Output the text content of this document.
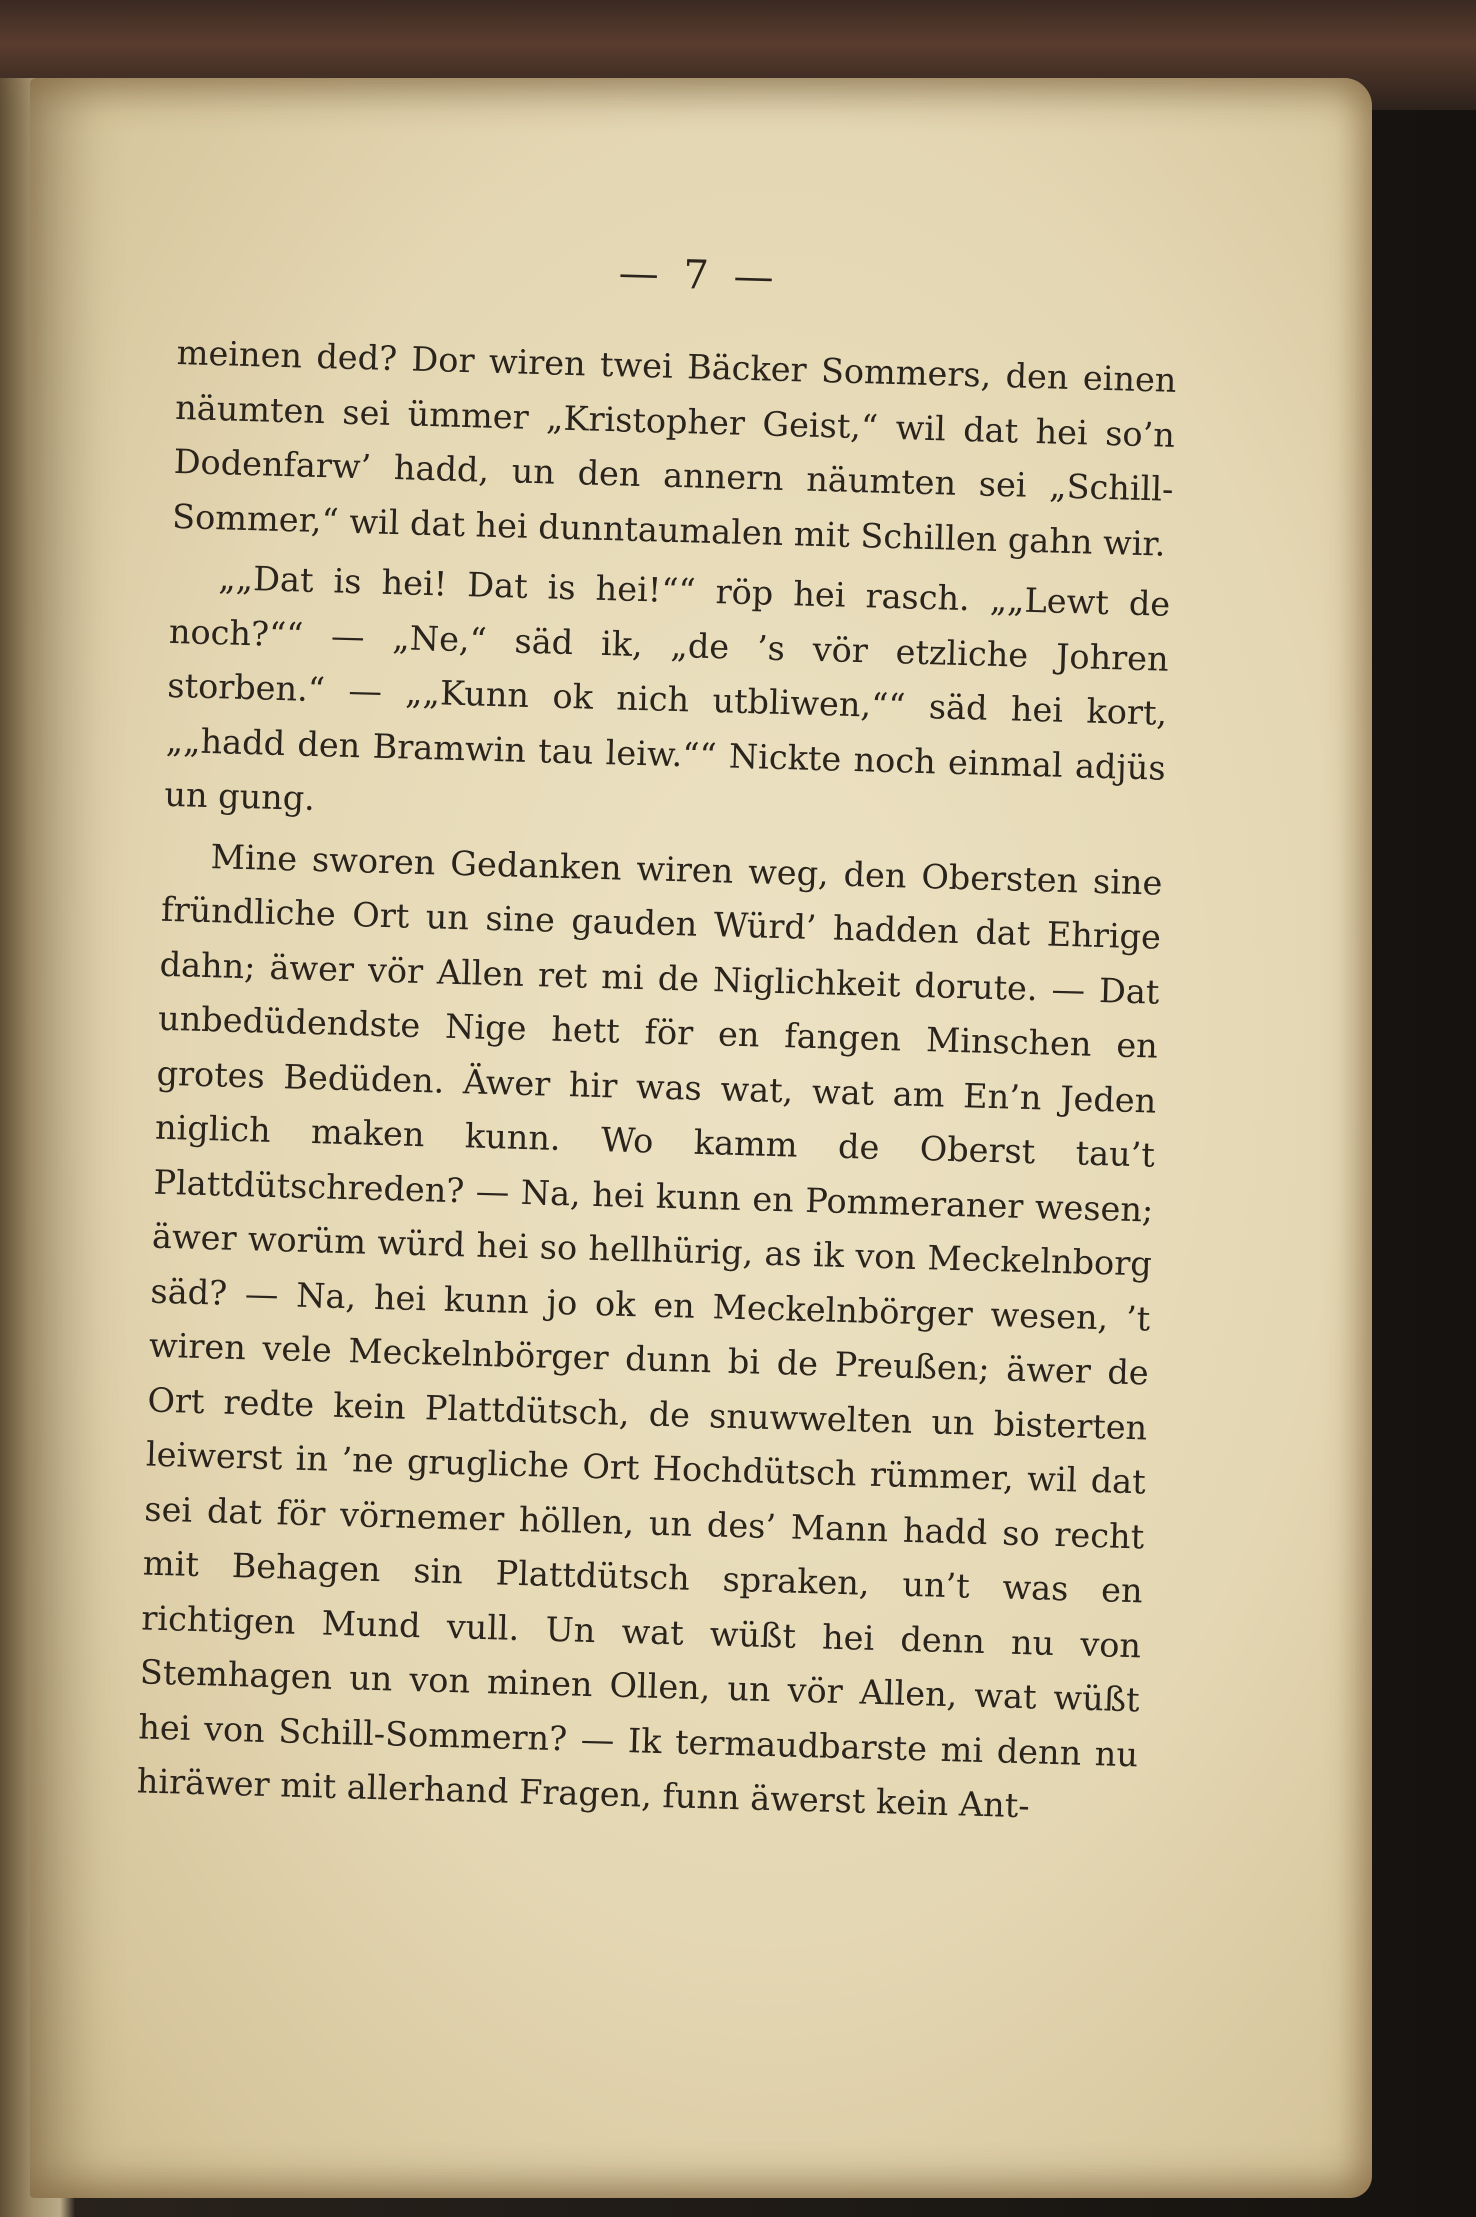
— 7 —

meinen ded? Dor wiren twei Bäcker Sommers, den einen näumten sei ümmer „Kristopher Geist,“ wil dat hei so’n Dodenfarw’ hadd, un den annern näumten sei „Schill-Sommer,“ wil dat hei dunntaumalen mit Schillen gahn wir.

„„Dat is hei! Dat is hei!““ röp hei rasch. „„Lewt de noch?““ — „Ne,“ säd ik, „de ’s vör etzliche Johren storben.“ — „„Kunn ok nich utbliwen,““ säd hei kort, „„hadd den Bramwin tau leiw.““ Nickte noch einmal adjüs un gung.

Mine sworen Gedanken wiren weg, den Obersten sine fründliche Ort un sine gauden Würd’ hadden dat Ehrige dahn; äwer vör Allen ret mi de Niglichkeit dorute. — Dat unbedüdendste Nige hett för en fangen Minschen en grotes Bedüden. Äwer hir was wat, wat am En’n Jeden niglich maken kunn. Wo kamm de Oberst tau’t Plattdütschreden? — Na, hei kunn en Pommeraner wesen; äwer worüm würd hei so hellhürig, as ik von Meckelnborg säd? — Na, hei kunn jo ok en Meckelnbörger wesen, ’t wiren vele Meckelnbörger dunn bi de Preußen; äwer de Ort redte kein Plattdütsch, de snuwwelten un bisterten leiwerst in ’ne grugliche Ort Hochdütsch rümmer, wil dat sei dat för vörnemer höllen, un des’ Mann hadd so recht mit Behagen sin Plattdütsch spraken, un’t was en richtigen Mund vull. Un wat wüßt hei denn nu von Stemhagen un von minen Ollen, un vör Allen, wat wüßt hei von Schill-Sommern? — Ik termaudbarste mi denn nu hiräwer mit allerhand Fragen, funn äwerst kein Ant-
